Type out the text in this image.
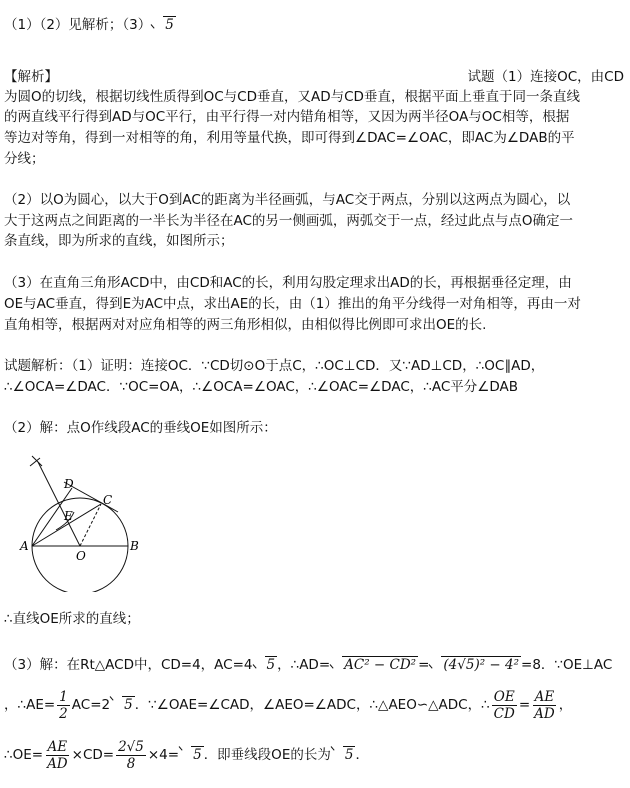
（1）（2）见解析；（3） 5
【解析】	试题（1）连接OC，由CD
为圆O的切线，根据切线性质得到OC与CD垂直，又AD与CD垂直，根据平面上垂直于同一条直线
的两直线平行得到AD与OC平行，由平行得一对内错角相等，又因为两半径OA与OC相等，根据
等边对等角，得到一对相等的角，利用等量代换，即可得到∠DAC=∠OAC，即AC为∠DAB的平
分线；
（2）以O为圆心，以大于O到AC的距离为半径画弧，与AC交于两点，分别以这两点为圆心，以
大于这两点之间距离的一半长为半径在AC的另一侧画弧，两弧交于一点，经过此点与点O确定一
条直线，即为所求的直线，如图所示；
（3）在直角三角形ACD中，由CD和AC的长，利用勾股定理求出AD的长，再根据垂径定理，由
OE与AC垂直，得到E为AC中点，求出AE的长，由（1）推出的角平分线得一对角相等，再由一对
直角相等，根据两对对应角相等的两三角形相似，由相似得比例即可求出OE的长.
试题解析：（1）证明：连接OC．∵CD切⊙O于点C，∴OC⊥CD．又∵AD⊥CD，∴OC∥AD，
∴∠OCA=∠DAC．∵OC=OA，∴∠OCA=∠OAC，∴∠OAC=∠DAC，∴AC平分∠DAB
（2）解：点O作线段AC的垂线OE如图所示：
D
C
E
A
O
B
∴直线OE所求的直线；
（3）解：在Rt△ACD中，CD=4，AC=4 5 ，∴AD= AC² − CD² = (4√5)² − 4² =8．∵OE⊥AC
，∴AE= $\frac{1}{2} AC=2$ 5 ．∵∠OAE=∠CAD，∠AEO=∠ADC，∴△AEO∽△ADC，∴ $\frac{OE}{CD} = \frac{AE}{AD}$ ，
∴OE= $\frac{AE}{AD} \times CD= \frac{2√5}{8} \times 4= 5$ ．即垂线段OE的长为 5 ．
